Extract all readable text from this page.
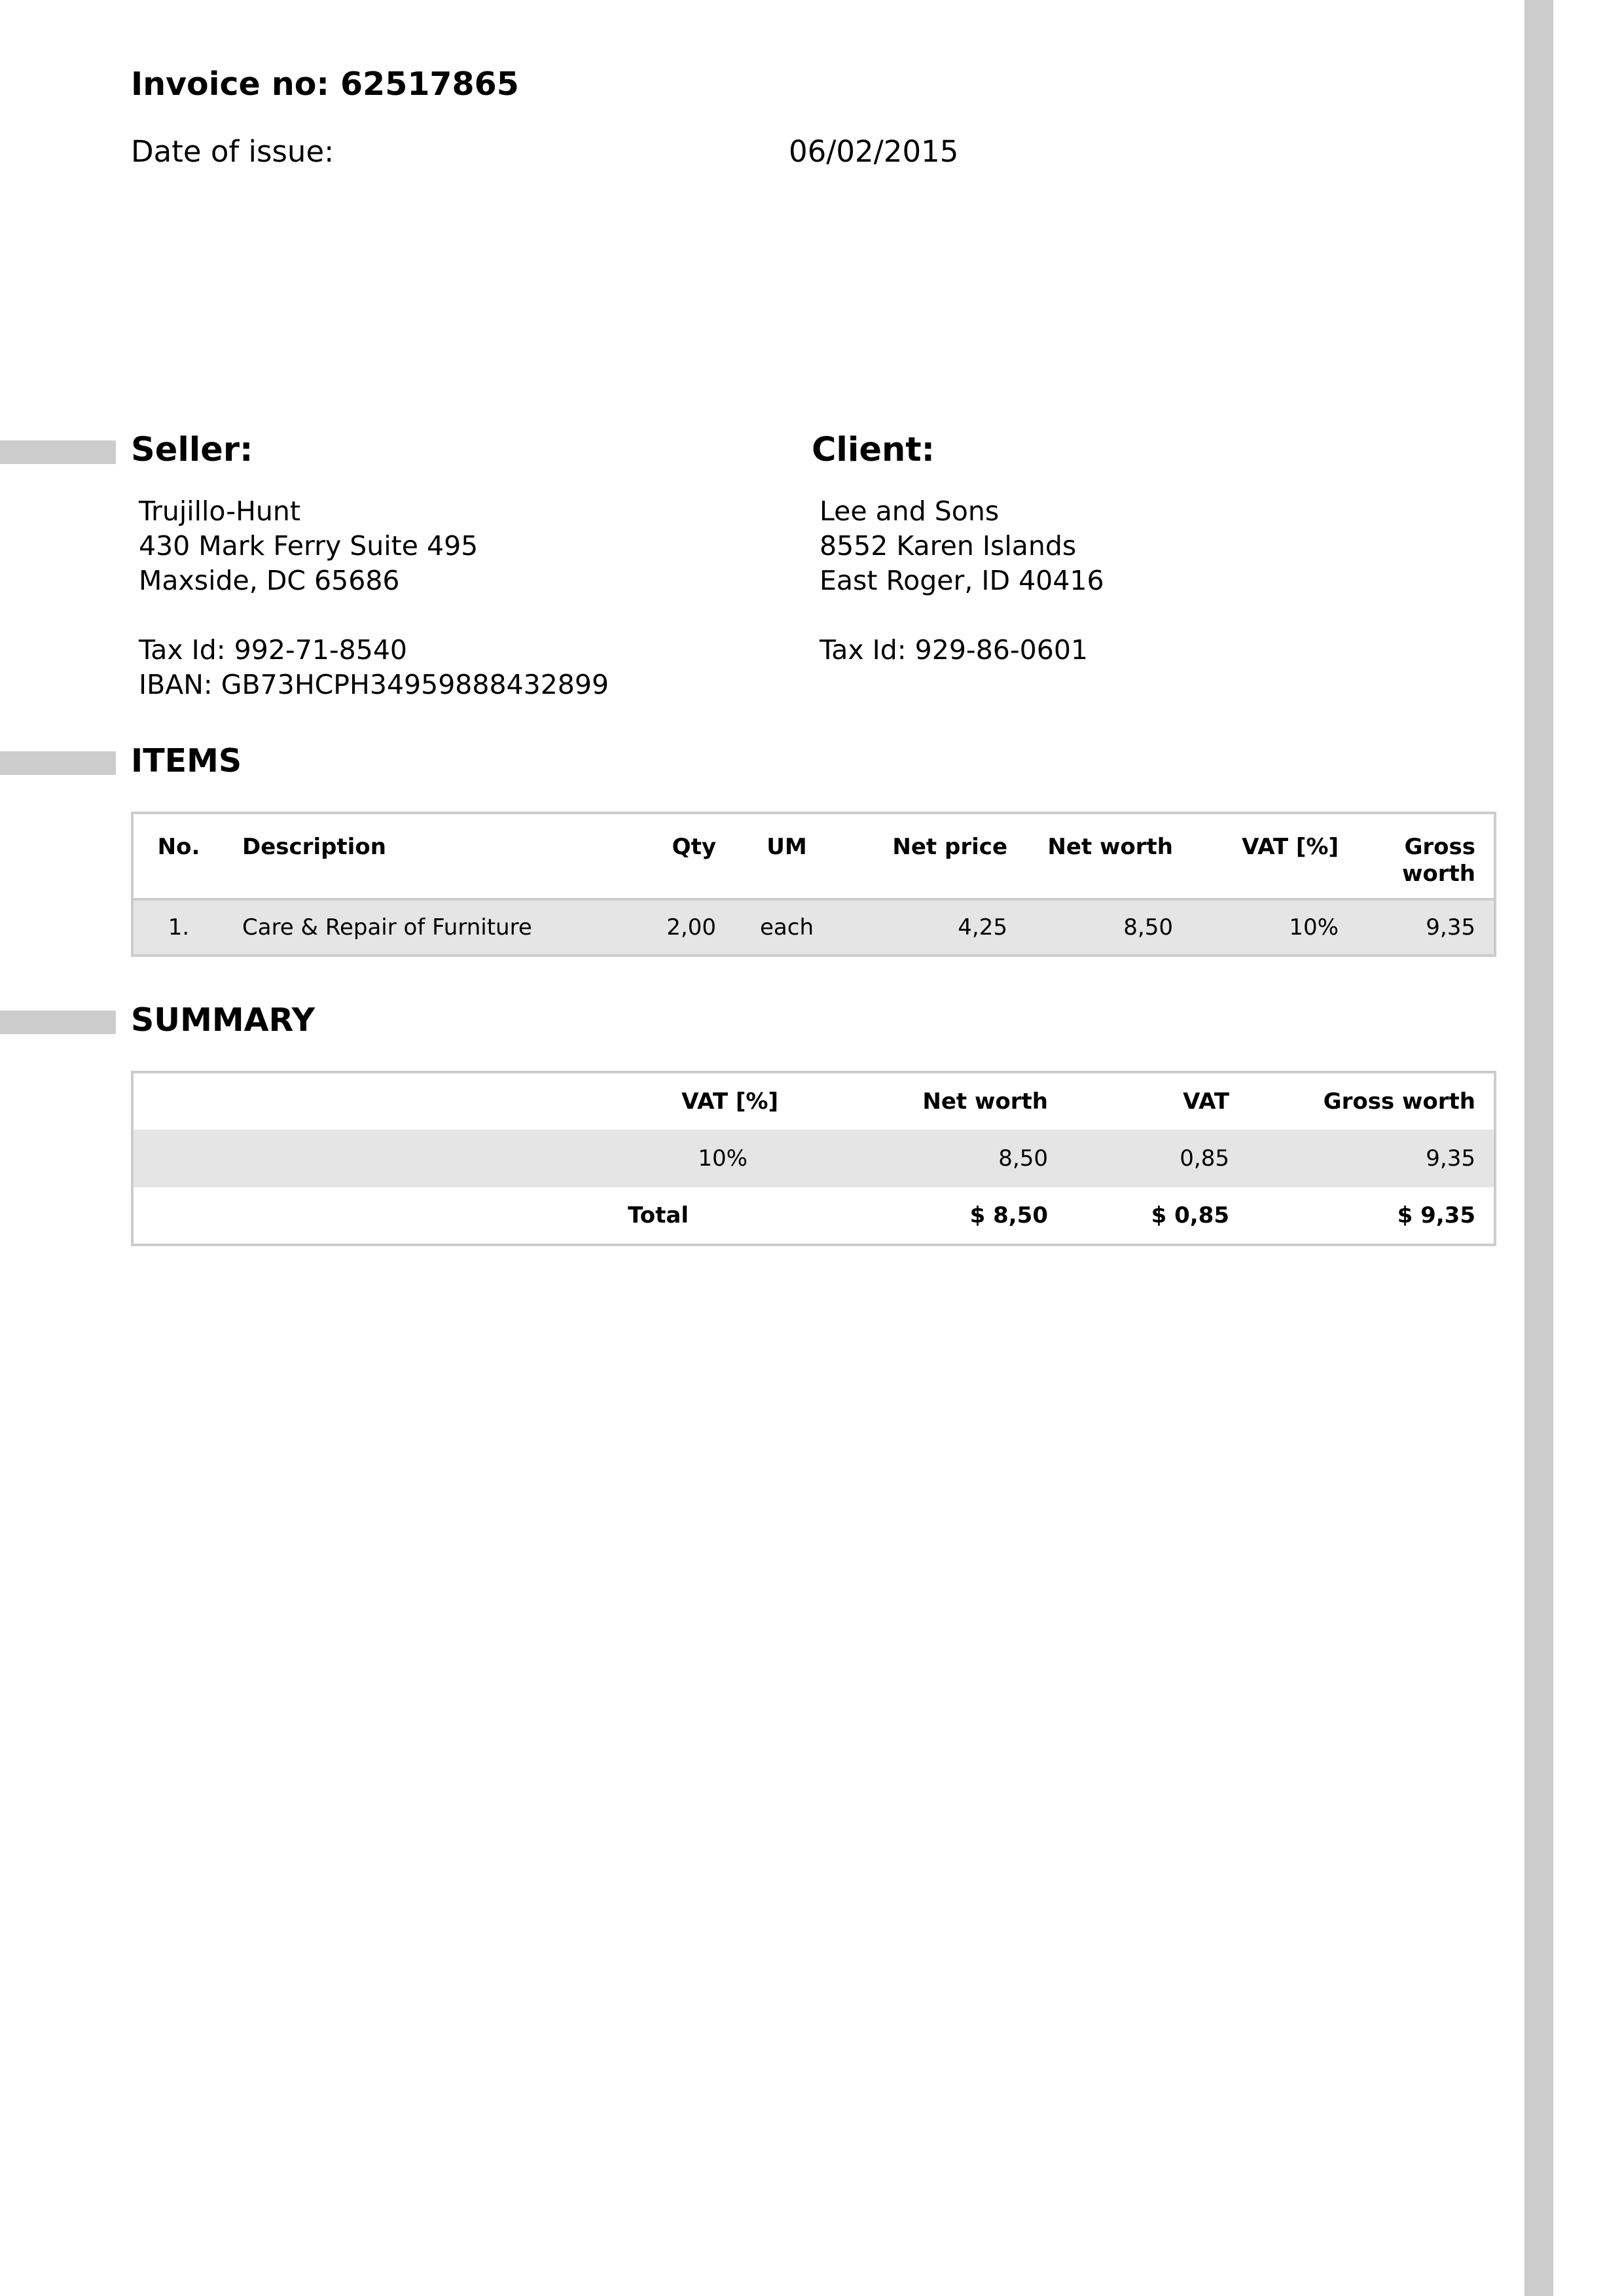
Invoice no: 62517865
Date of issue:	06/02/2015
Seller:	Client:
Trujillo-Hunt
430 Mark Ferry Suite 495
Maxside, DC 65686
Tax Id: 992-71-8540
IBAN: GB73HCPH34959888432899
Lee and Sons
8552 Karen Islands
East Roger, ID 40416
Tax Id: 929-86-0601
ITEMS
No.	Description	Qty	UM	Net price	Net worth	VAT [%]	Gross worth
1.	Care & Repair of Furniture	2,00	each	4,25	8,50	10%	9,35
SUMMARY
VAT [%]	Net worth	VAT	Gross worth
10%	8,50	0,85	9,35
Total	$ 8,50	$ 0,85	$ 9,35
